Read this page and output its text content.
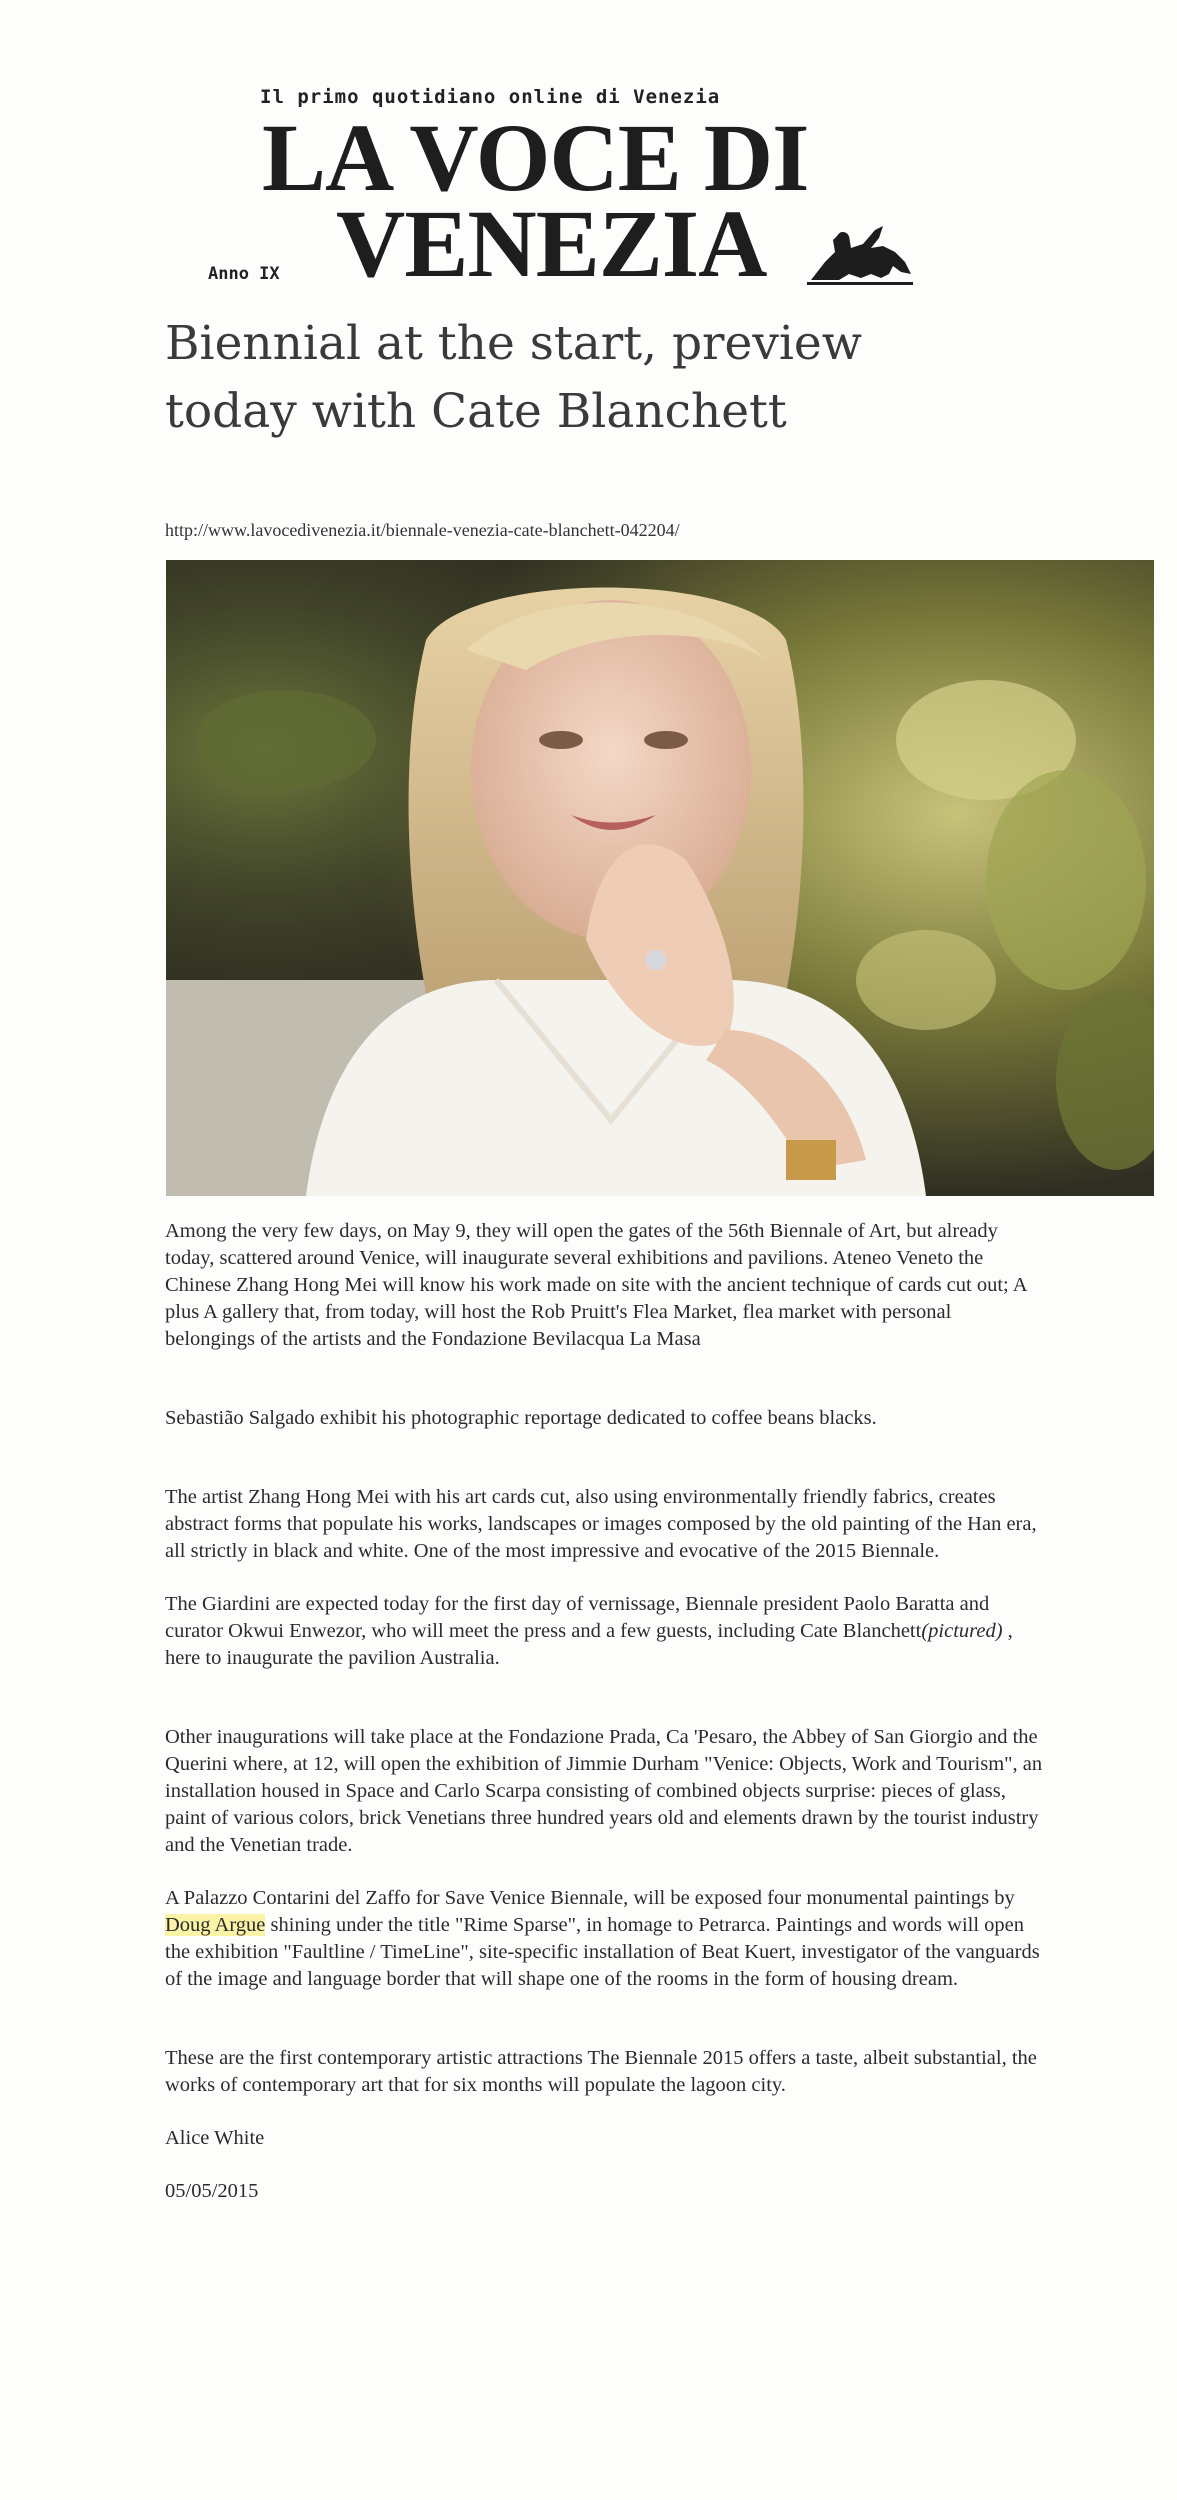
Il primo quotidiano online di Venezia
LA VOCE DI
VENEZIA
Anno IX
Biennial at the start, preview
today with Cate Blanchett
http://www.lavocedivenezia.it/biennale-venezia-cate-blanchett-042204/

Among the very few days, on May 9, they will open the gates of the 56th Biennale of Art, but already today, scattered around Venice, will inaugurate several exhibitions and pavilions. Ateneo Veneto the Chinese Zhang Hong Mei will know his work made on site with the ancient technique of cards cut out; A plus A gallery that, from today, will host the Rob Pruitt's Flea Market, flea market with personal belongings of the artists and the Fondazione Bevilacqua La Masa

Sebastião Salgado exhibit his photographic reportage dedicated to coffee beans blacks.

The artist Zhang Hong Mei with his art cards cut, also using environmentally friendly fabrics, creates abstract forms that populate his works, landscapes or images composed by the old painting of the Han era, all strictly in black and white. One of the most impressive and evocative of the 2015 Biennale.

The Giardini are expected today for the first day of vernissage, Biennale president Paolo Baratta and curator Okwui Enwezor, who will meet the press and a few guests, including Cate Blanchett(pictured) , here to inaugurate the pavilion Australia.

Other inaugurations will take place at the Fondazione Prada, Ca 'Pesaro, the Abbey of San Giorgio and the Querini where, at 12, will open the exhibition of Jimmie Durham "Venice: Objects, Work and Tourism", an installation housed in Space and Carlo Scarpa consisting of combined objects surprise: pieces of glass, paint of various colors, brick Venetians three hundred years old and elements drawn by the tourist industry and the Venetian trade.

A Palazzo Contarini del Zaffo for Save Venice Biennale, will be exposed four monumental paintings by Doug Argue shining under the title "Rime Sparse", in homage to Petrarca. Paintings and words will open the exhibition "Faultline / TimeLine", site-specific installation of Beat Kuert, investigator of the vanguards of the image and language border that will shape one of the rooms in the form of housing dream.

These are the first contemporary artistic attractions The Biennale 2015 offers a taste, albeit substantial, the works of contemporary art that for six months will populate the lagoon city.

Alice White

05/05/2015
